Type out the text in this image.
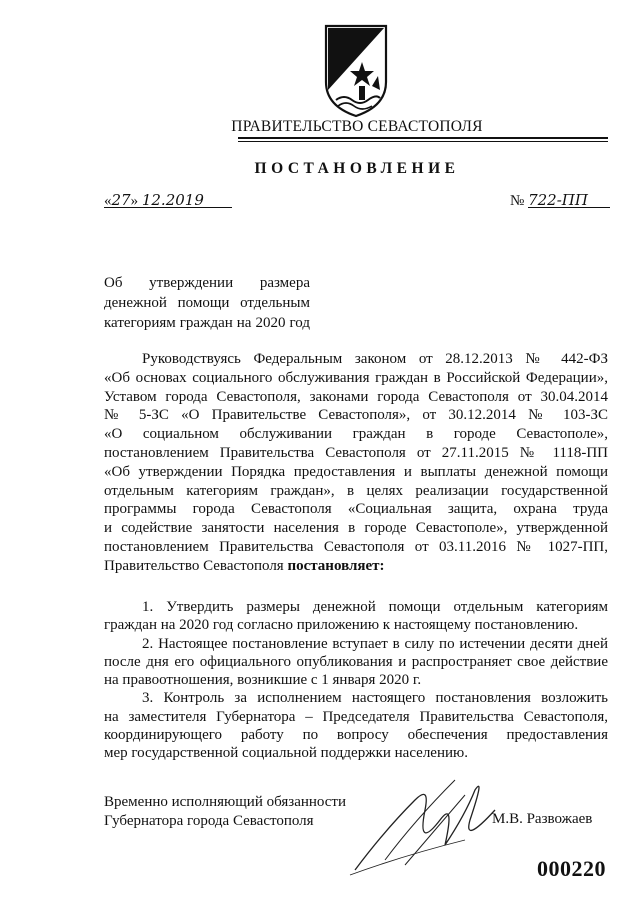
ПРАВИТЕЛЬСТВО СЕВАСТОПОЛЯ
ПОСТАНОВЛЕНИЕ
«27» 12.2019	№ 722-ПП
Об утверждении размера
денежной помощи отдельным
категориям граждан на 2020 год
Руководствуясь Федеральным законом от 28.12.2013 № 442-ФЗ
«Об основах социального обслуживания граждан в Российской Федерации»,
Уставом города Севастополя, законами города Севастополя от 30.04.2014
№ 5-ЗС «О Правительстве Севастополя», от 30.12.2014 № 103-ЗС
«О социальном обслуживании граждан в городе Севастополе»,
постановлением Правительства Севастополя от 27.11.2015 № 1118-ПП
«Об утверждении Порядка предоставления и выплаты денежной помощи
отдельным категориям граждан», в целях реализации государственной
программы города Севастополя «Социальная защита, охрана труда
и содействие занятости населения в городе Севастополе», утвержденной
постановлением Правительства Севастополя от 03.11.2016 № 1027-ПП,
Правительство Севастополя постановляет:
1. Утвердить размеры денежной помощи отдельным категориям
граждан на 2020 год согласно приложению к настоящему постановлению.
2. Настоящее постановление вступает в силу по истечении десяти дней
после дня его официального опубликования и распространяет свое действие
на правоотношения, возникшие с 1 января 2020 г.
3. Контроль за исполнением настоящего постановления возложить
на заместителя Губернатора – Председателя Правительства Севастополя,
координирующего работу по вопросу обеспечения предоставления
мер государственной социальной поддержки населению.
Временно исполняющий обязанности
Губернатора города Севастополя	М.В. Развожаев
000220
